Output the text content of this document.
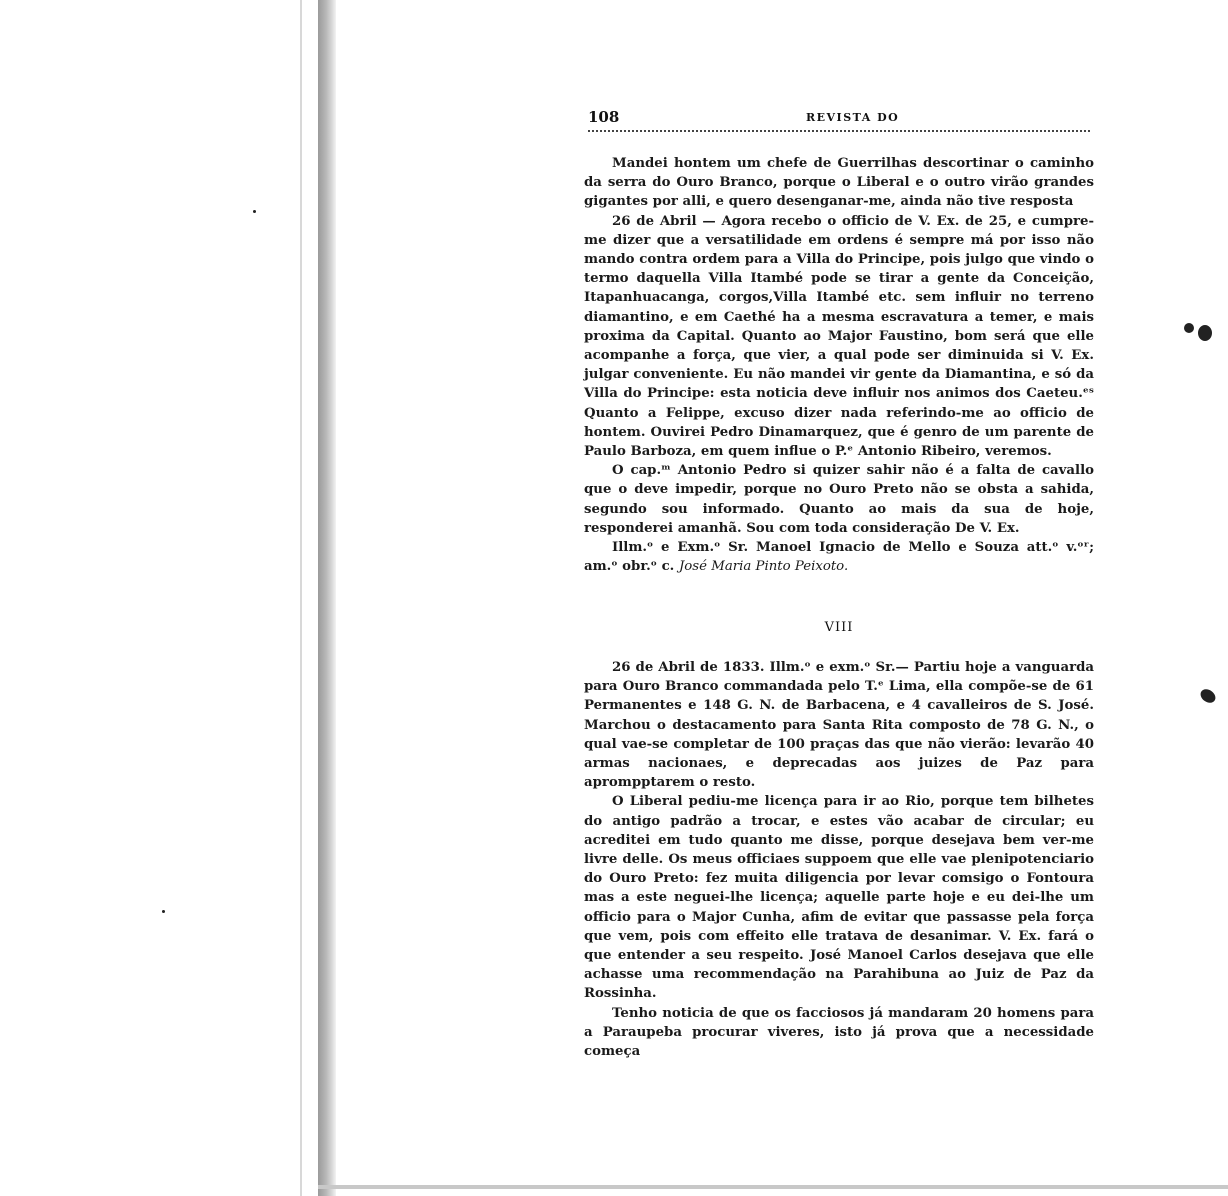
108	REVISTA DO

Mandei hontem um chefe de Guerrilhas descortinar o caminho da serra do Ouro Branco, porque o Liberal e o outro virão grandes gigantes por alli, e quero desenganar-me, ainda não tive resposta

26 de Abril — Agora recebo o officio de V. Ex. de 25, e cumpre-me dizer que a versatilidade em ordens é sempre má por isso não mando contra ordem para a Villa do Principe, pois julgo que vindo o termo daquella Villa Itambé pode se tirar a gente da Conceição, Itapanhuacanga, corgos,Villa Itambé etc. sem influir no terreno diamantino, e em Caethé ha a mesma escravatura a temer, e mais proxima da Capital. Quanto ao Major Faustino, bom será que elle acompanhe a força, que vier, a qual pode ser diminuida si V. Ex. julgar conveniente. Eu não mandei vir gente da Diamantina, e só da Villa do Principe: esta noticia deve influir nos animos dos Caeteu.ᵉˢ Quanto a Felippe, excuso dizer nada referindo-me ao officio de hontem. Ouvirei Pedro Dinamarquez, que é genro de um parente de Paulo Barboza, em quem influe o P.ᵉ Antonio Ribeiro, veremos.

O cap.ᵐ Antonio Pedro si quizer sahir não é a falta de cavallo que o deve impedir, porque no Ouro Preto não se obsta a sahida, segundo sou informado. Quanto ao mais da sua de hoje, responderei amanhã. Sou com toda consideração De V. Ex.

Illm.ᵒ e Exm.ᵒ Sr. Manoel Ignacio de Mello e Souza att.ᵒ v.ᵒʳ; am.ᵒ obr.ᵒ c. José Maria Pinto Peixoto.

VIII

26 de Abril de 1833. Illm.ᵒ e exm.ᵒ Sr.— Partiu hoje a vanguarda para Ouro Branco commandada pelo T.ᵉ Lima, ella compõe-se de 61 Permanentes e 148 G. N. de Barbacena, e 4 cavalleiros de S. José. Marchou o destacamento para Santa Rita composto de 78 G. N., o qual vae-se completar de 100 praças das que não vierão: levarão 40 armas nacionaes, e deprecadas aos juizes de Paz para aprompptarem o resto.

O Liberal pediu-me licença para ir ao Rio, porque tem bilhetes do antigo padrão a trocar, e estes vão acabar de circular; eu acreditei em tudo quanto me disse, porque desejava bem ver-me livre delle. Os meus officiaes suppoem que elle vae plenipotenciario do Ouro Preto: fez muita diligencia por levar comsigo o Fontoura mas a este neguei-lhe licença; aquelle parte hoje e eu dei-lhe um officio para o Major Cunha, afim de evitar que passasse pela força que vem, pois com effeito elle tratava de desanimar. V. Ex. fará o que entender a seu respeito. José Manoel Carlos desejava que elle achasse uma recommendação na Parahibuna ao Juiz de Paz da Rossinha.

Tenho noticia de que os facciosos já mandaram 20 homens para a Paraupeba procurar viveres, isto já prova que a necessidade começa
